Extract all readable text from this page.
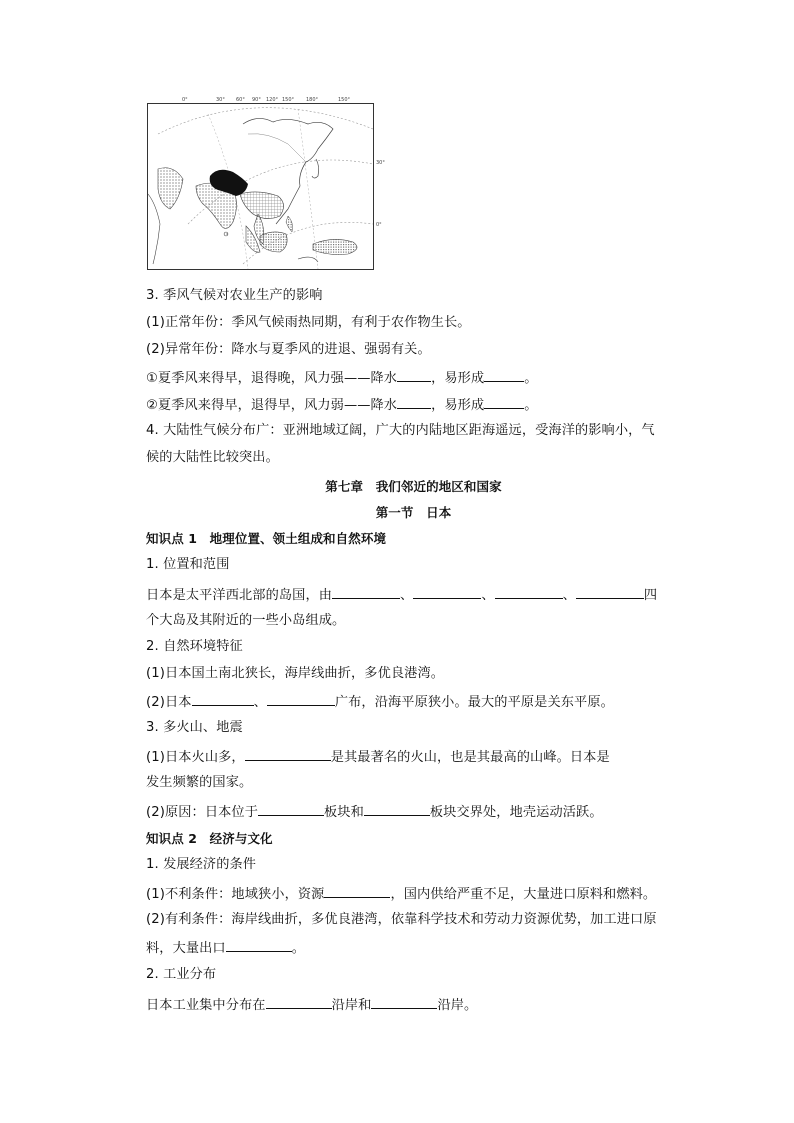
0°	30° 60° 90° 120° 150° 180°	150°
30°
0°
3. 季风气候对农业生产的影响
(1)正常年份：季风气候雨热同期，有利于农作物生长。
(2)异常年份：降水与夏季风的进退、强弱有关。
①夏季风来得早，退得晚，风力强——降水	，易形成	。
②夏季风来得早，退得早，风力弱——降水	，易形成	。
4. 大陆性气候分布广：亚洲地域辽阔，广大的内陆地区距海遥远，受海洋的影响小，气
候的大陆性比较突出。
第七章　我们邻近的地区和国家
第一节　日本
知识点 1　地理位置、领土组成和自然环境
1. 位置和范围
日本是太平洋西北部的岛国，由	、	、	、	四
个大岛及其附近的一些小岛组成。
2. 自然环境特征
(1)日本国土南北狭长，海岸线曲折，多优良港湾。
(2)日本	、	广布，沿海平原狭小。最大的平原是关东平原。
3. 多火山、地震
(1)日本火山多，	是其最著名的火山，也是其最高的山峰。日本是
发生频繁的国家。
(2)原因：日本位于	板块和	板块交界处，地壳运动活跃。
知识点 2　经济与文化
1. 发展经济的条件
(1)不利条件：地域狭小，资源	，国内供给严重不足，大量进口原料和燃料。
(2)有利条件：海岸线曲折，多优良港湾，依靠科学技术和劳动力资源优势，加工进口原
料，大量出口	。
2. 工业分布
日本工业集中分布在	沿岸和	沿岸。
